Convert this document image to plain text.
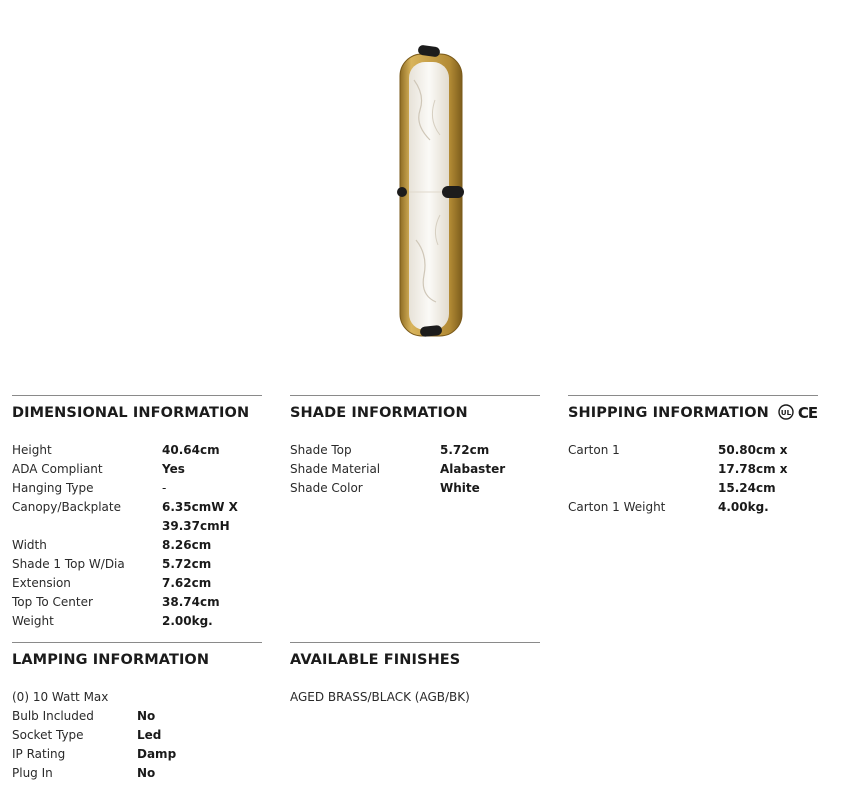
DIMENSIONAL INFORMATION
Height	40.64cm
ADA Compliant	Yes
Hanging Type	-
Canopy/Backplate	6.35cmW X 39.37cmH
Width	8.26cm
Shade 1 Top W/Dia	5.72cm
Extension	7.62cm
Top To Center	38.74cm
Weight	2.00kg.
SHADE INFORMATION
Shade Top	5.72cm
Shade Material	Alabaster
Shade Color	White
SHIPPING INFORMATION UL CE
Carton 1	50.80cm x 17.78cm x 15.24cm
Carton 1 Weight	4.00kg.
LAMPING INFORMATION
(0) 10 Watt Max
Bulb Included	No
Socket Type	Led
IP Rating	Damp
Plug In	No
AVAILABLE FINISHES
AGED BRASS/BLACK (AGB/BK)
